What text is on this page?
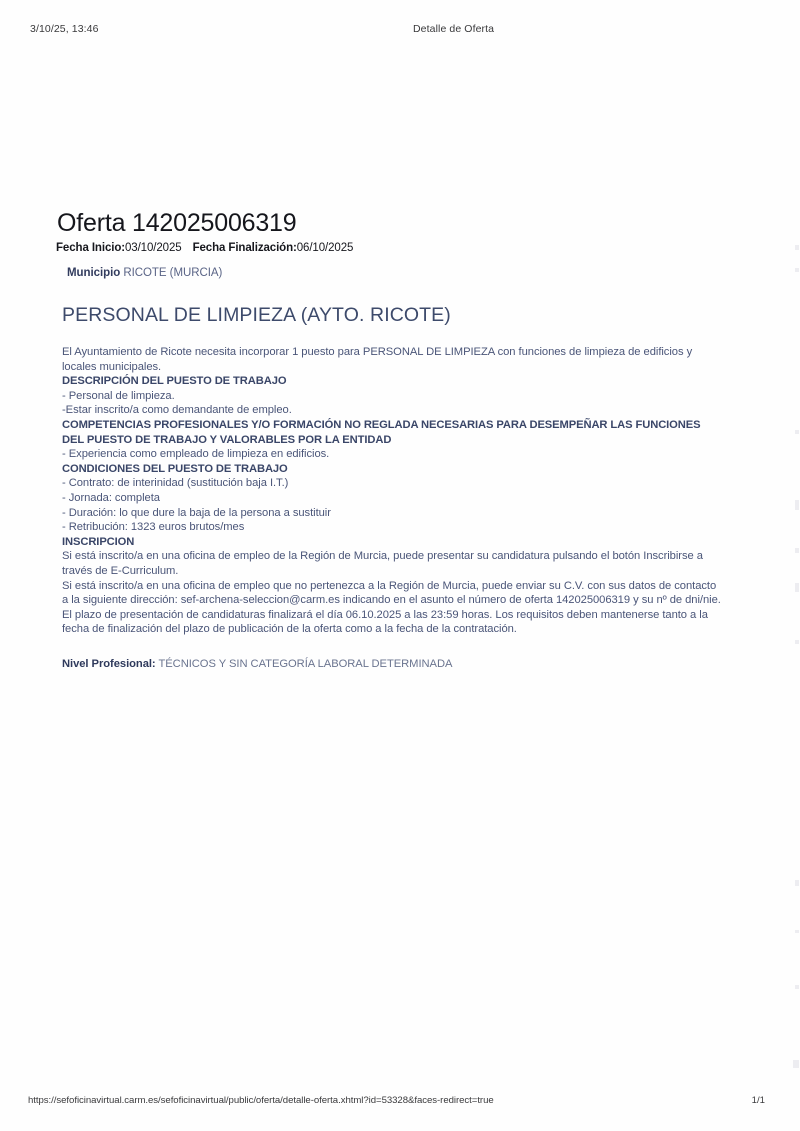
3/10/25, 13:46	Detalle de Oferta
Oferta 142025006319
Fecha Inicio:03/10/2025 Fecha Finalización:06/10/2025
Municipio RICOTE (MURCIA)
PERSONAL DE LIMPIEZA (AYTO. RICOTE)

El Ayuntamiento de Ricote necesita incorporar 1 puesto para PERSONAL DE LIMPIEZA con funciones de limpieza de edificios y locales municipales.

DESCRIPCIÓN DEL PUESTO DE TRABAJO

- Personal de limpieza.

-Estar inscrito/a como demandante de empleo.

COMPETENCIAS PROFESIONALES Y/O FORMACIÓN NO REGLADA NECESARIAS PARA DESEMPEÑAR LAS FUNCIONES DEL PUESTO DE TRABAJO Y VALORABLES POR LA ENTIDAD

- Experiencia como empleado de limpieza en edificios.

CONDICIONES DEL PUESTO DE TRABAJO

- Contrato: de interinidad (sustitución baja I.T.)

- Jornada: completa

- Duración: lo que dure la baja de la persona a sustituir

- Retribución: 1323 euros brutos/mes

INSCRIPCION

Si está inscrito/a en una oficina de empleo de la Región de Murcia, puede presentar su candidatura pulsando el botón Inscribirse a través de E-Curriculum.

Si está inscrito/a en una oficina de empleo que no pertenezca a la Región de Murcia, puede enviar su C.V. con sus datos de contacto a la siguiente dirección: sef-archena-seleccion@carm.es indicando en el asunto el número de oferta 142025006319 y su nº de dni/nie.

El plazo de presentación de candidaturas finalizará el día 06.10.2025 a las 23:59 horas. Los requisitos deben mantenerse tanto a la fecha de finalización del plazo de publicación de la oferta como a la fecha de la contratación.

Nivel Profesional: TÉCNICOS Y SIN CATEGORÍA LABORAL DETERMINADA
https://sefoficinavirtual.carm.es/sefoficinavirtual/public/oferta/detalle-oferta.xhtml?id=53328&faces-redirect=true	1/1
